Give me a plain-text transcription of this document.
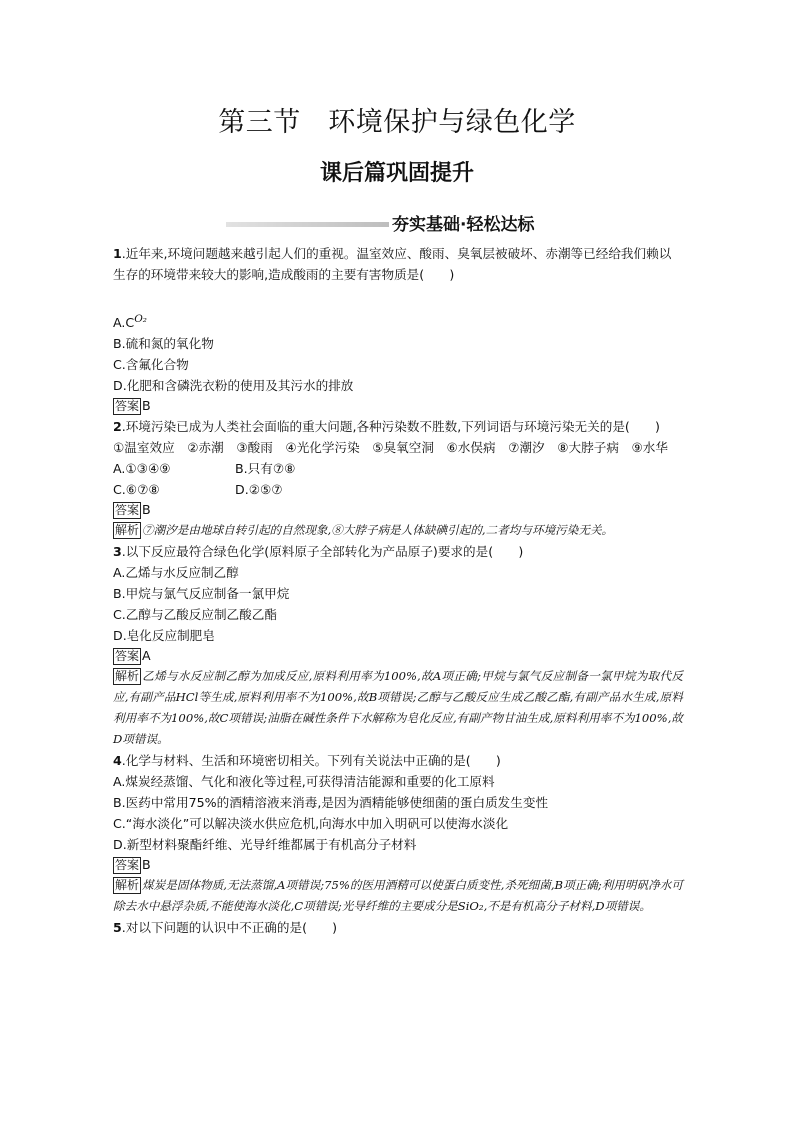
第三节　环境保护与绿色化学
课后篇巩固提升
夯实基础·轻松达标
1.近年来,环境问题越来越引起人们的重视。温室效应、酸雨、臭氧层被破坏、赤潮等已经给我们赖以生存的环境带来较大的影响,造成酸雨的主要有害物质是(　　)
$A.C^{O_2}$
B.硫和氮的氧化物
C.含氟化合物
D.化肥和含磷洗衣粉的使用及其污水的排放
答案 B
2.环境污染已成为人类社会面临的重大问题,各种污染数不胜数,下列词语与环境污染无关的是(　　)
①温室效应　②赤潮　③酸雨　④光化学污染　⑤臭氧空洞　⑥水俣病　⑦潮汐　⑧大脖子病　⑨水华
A.①③④⑨	B.只有⑦⑧
C.⑥⑦⑧	D.②⑤⑦
答案 B
解析 ⑦潮汐是由地球自转引起的自然现象,⑧大脖子病是人体缺碘引起的,二者均与环境污染无关。
3.以下反应最符合绿色化学(原料原子全部转化为产品原子)要求的是(　　)
A.乙烯与水反应制乙醇
B.甲烷与氯气反应制备一氯甲烷
C.乙醇与乙酸反应制乙酸乙酯
D.皂化反应制肥皂
答案 A
解析 乙烯与水反应制乙醇为加成反应,原料利用率为100%,故A项正确;甲烷与氯气反应制备一氯甲烷为取代反应,有副产品HCl等生成,原料利用率不为100%,故B项错误;乙醇与乙酸反应生成乙酸乙酯,有副产品水生成,原料利用率不为100%,故C项错误;油脂在碱性条件下水解称为皂化反应,有副产物甘油生成,原料利用率不为100%,故D项错误。
4.化学与材料、生活和环境密切相关。下列有关说法中正确的是(　　)
A.煤炭经蒸馏、气化和液化等过程,可获得清洁能源和重要的化工原料
B.医药中常用75%的酒精溶液来消毒,是因为酒精能够使细菌的蛋白质发生变性
C.“海水淡化”可以解决淡水供应危机,向海水中加入明矾可以使海水淡化
D.新型材料聚酯纤维、光导纤维都属于有机高分子材料
答案 B
解析 煤炭是固体物质,无法蒸馏,A项错误;75%的医用酒精可以使蛋白质变性,杀死细菌,B项正确;利用明矾净水可除去水中悬浮杂质,不能使海水淡化,C项错误;光导纤维的主要成分是SiO₂,不是有机高分子材料,D项错误。
5.对以下问题的认识中不正确的是(　　)
